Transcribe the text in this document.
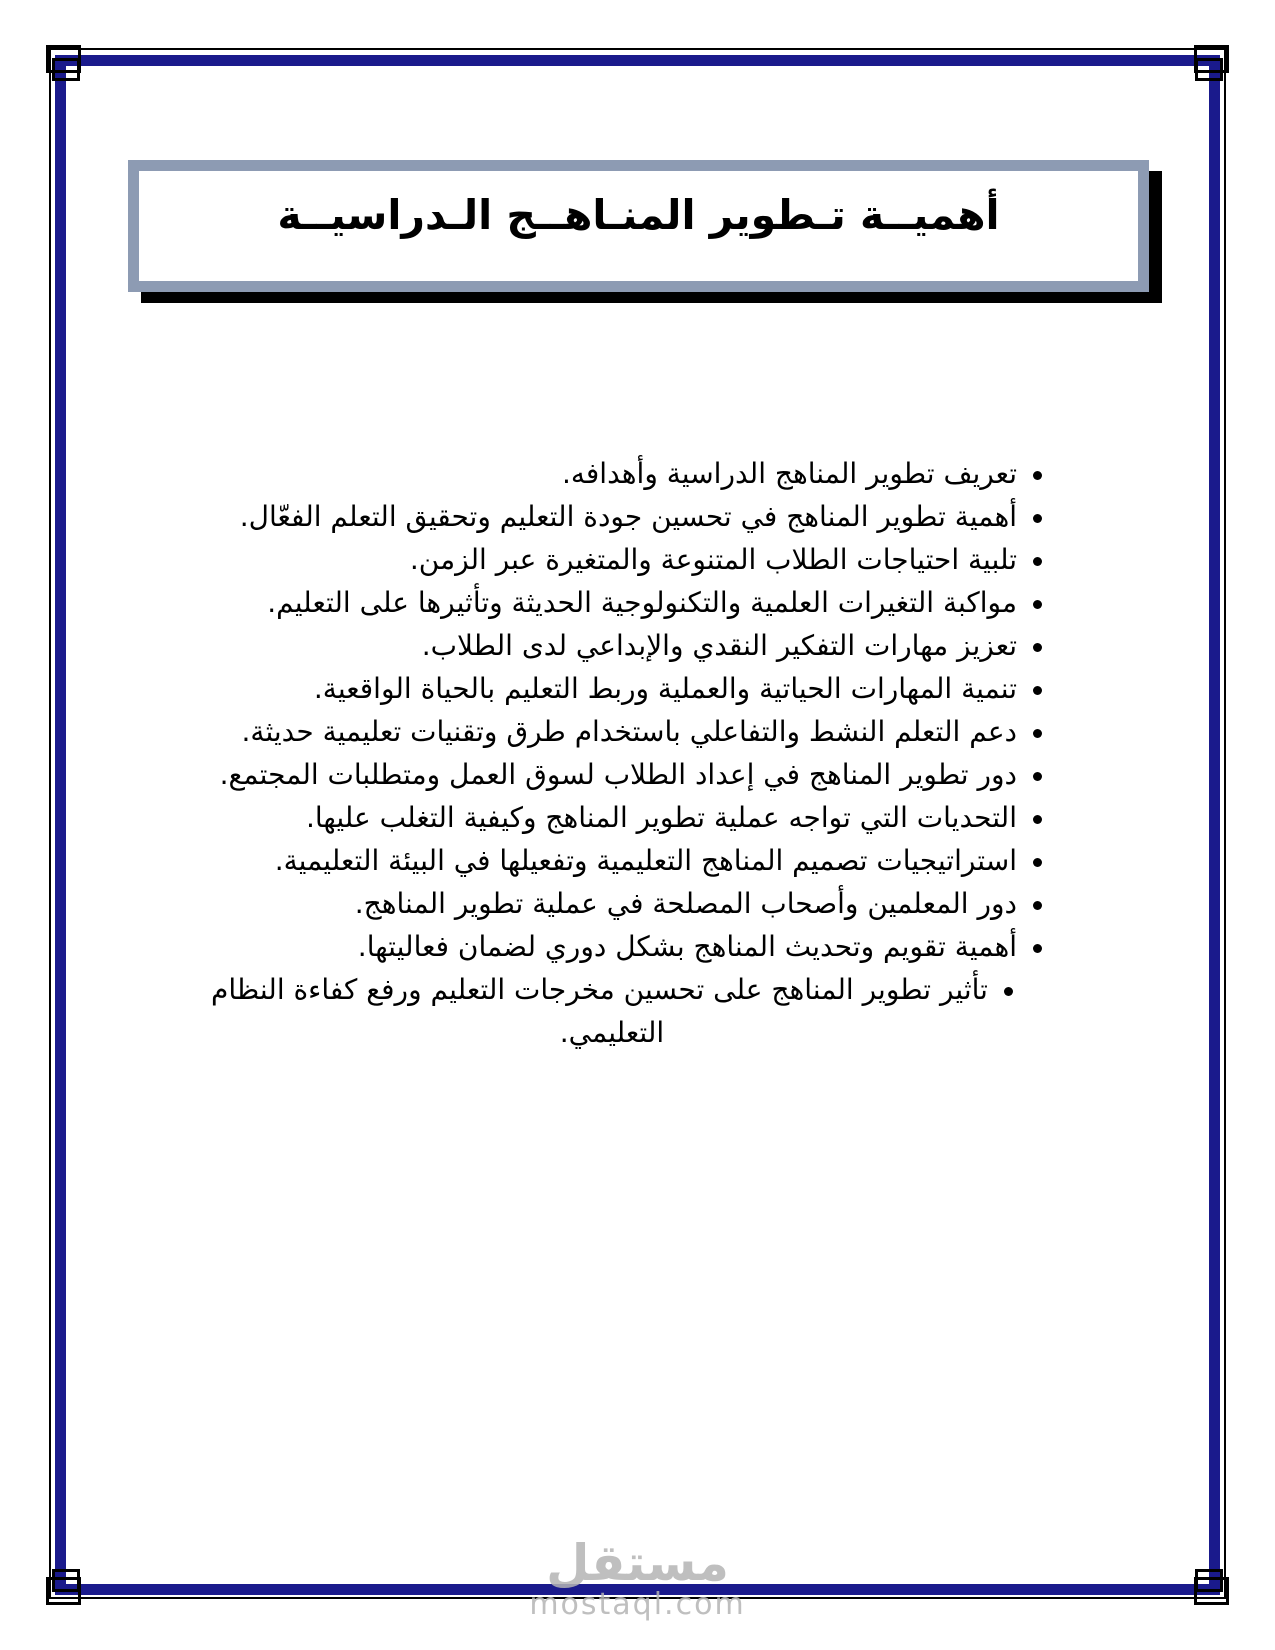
أهميــة تـطوير المنـاهــج الـدراسيــة
تعريف تطوير المناهج الدراسية وأهدافه.
أهمية تطوير المناهج في تحسين جودة التعليم وتحقيق التعلم الفعّال.
تلبية احتياجات الطلاب المتنوعة والمتغيرة عبر الزمن.
مواكبة التغيرات العلمية والتكنولوجية الحديثة وتأثيرها على التعليم.
تعزيز مهارات التفكير النقدي والإبداعي لدى الطلاب.
تنمية المهارات الحياتية والعملية وربط التعليم بالحياة الواقعية.
دعم التعلم النشط والتفاعلي باستخدام طرق وتقنيات تعليمية حديثة.
دور تطوير المناهج في إعداد الطلاب لسوق العمل ومتطلبات المجتمع.
التحديات التي تواجه عملية تطوير المناهج وكيفية التغلب عليها.
استراتيجيات تصميم المناهج التعليمية وتفعيلها في البيئة التعليمية.
دور المعلمين وأصحاب المصلحة في عملية تطوير المناهج.
أهمية تقويم وتحديث المناهج بشكل دوري لضمان فعاليتها.
تأثير تطوير المناهج على تحسين مخرجات التعليم ورفع كفاءة النظام التعليمي.
مستقل
mostaql.com
